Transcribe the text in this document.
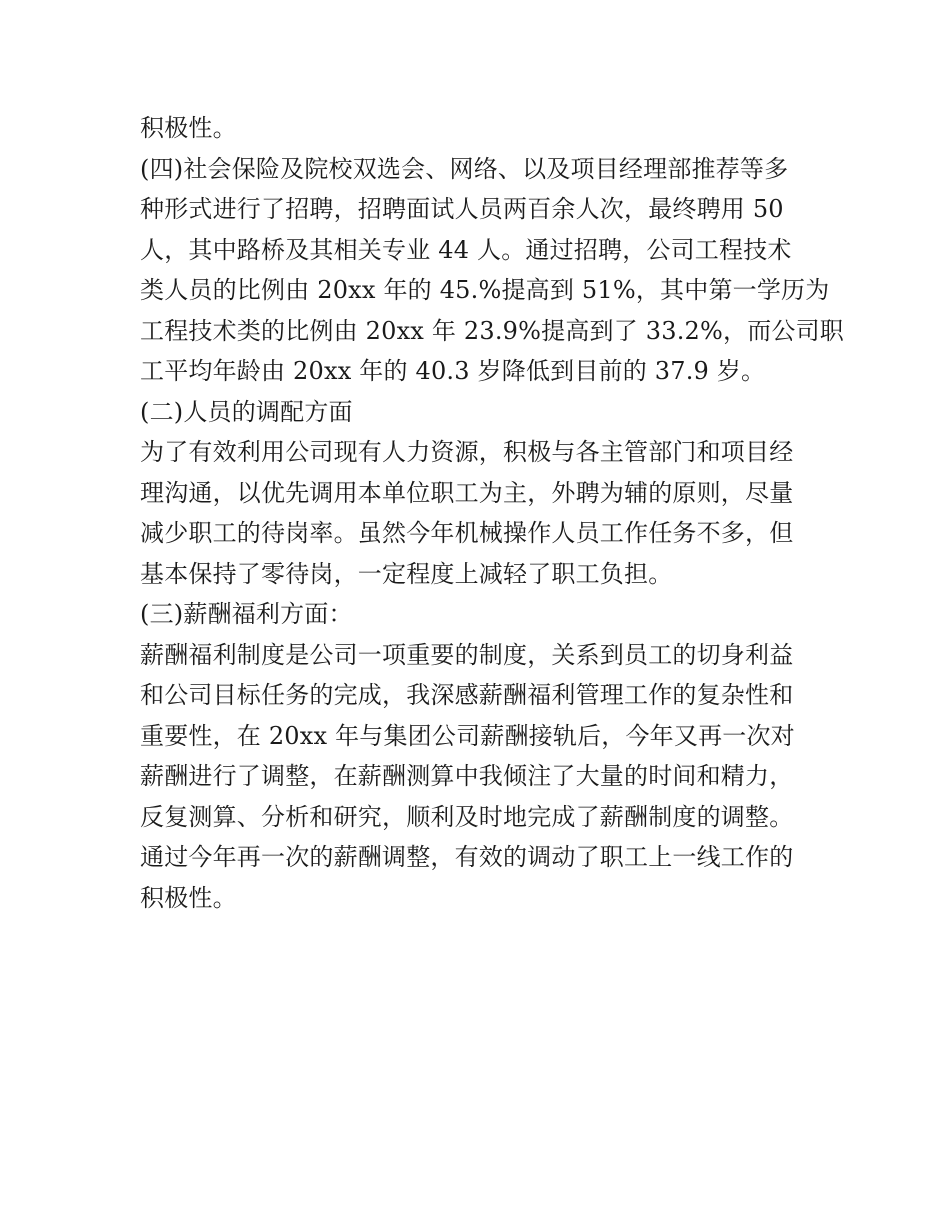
积极性。

(四)社会保险及院校双选会、网络、以及项目经理部推荐等多

种形式进行了招聘，招聘面试人员两百余人次，最终聘用 50

人，其中路桥及其相关专业 44 人。通过招聘，公司工程技术

类人员的比例由 20xx 年的 45.%提高到 51%，其中第一学历为

工程技术类的比例由 20xx 年 23.9%提高到了 33.2%，而公司职

工平均年龄由 20xx 年的 40.3 岁降低到目前的 37.9 岁。

(二)人员的调配方面

为了有效利用公司现有人力资源，积极与各主管部门和项目经

理沟通，以优先调用本单位职工为主，外聘为辅的原则，尽量

减少职工的待岗率。虽然今年机械操作人员工作任务不多，但

基本保持了零待岗，一定程度上减轻了职工负担。

(三)薪酬福利方面：

薪酬福利制度是公司一项重要的制度，关系到员工的切身利益

和公司目标任务的完成，我深感薪酬福利管理工作的复杂性和

重要性，在 20xx 年与集团公司薪酬接轨后，今年又再一次对

薪酬进行了调整，在薪酬测算中我倾注了大量的时间和精力，

反复测算、分析和研究，顺利及时地完成了薪酬制度的调整。

通过今年再一次的薪酬调整，有效的调动了职工上一线工作的

积极性。
